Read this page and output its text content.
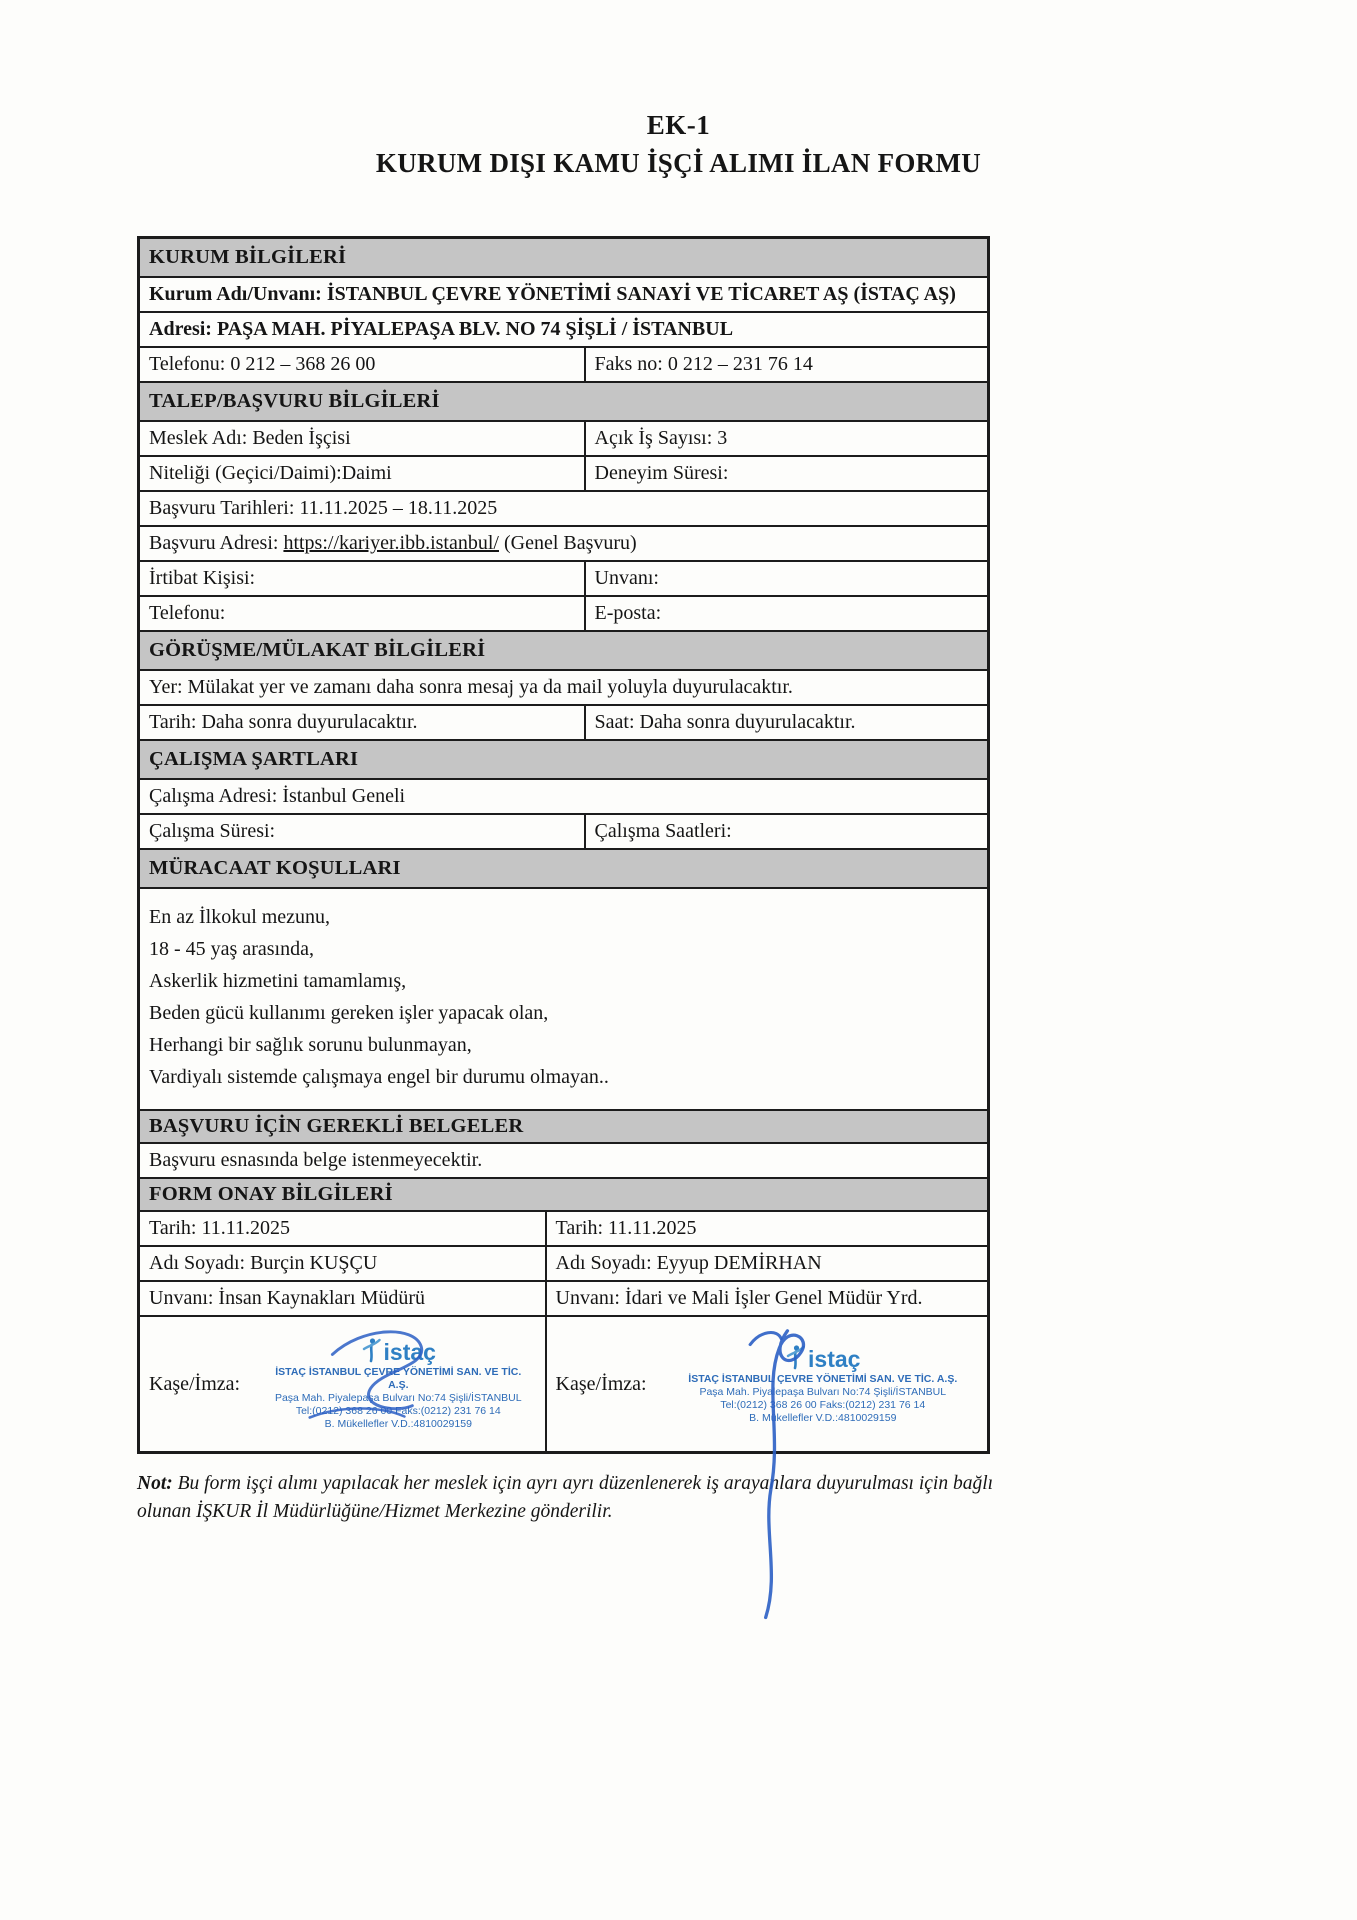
EK-1
KURUM DIŞI KAMU İŞÇİ ALIMI İLAN FORMU
KURUM BİLGİLERİ
Kurum Adı/Unvanı: İSTANBUL ÇEVRE YÖNETİMİ SANAYİ VE TİCARET AŞ (İSTAÇ AŞ)
Adresi: PAŞA MAH. PİYALEPAŞA BLV. NO 74 ŞİŞLİ / İSTANBUL
Telefonu: 0 212 – 368 26 00	Faks no: 0 212 – 231 76 14
TALEP/BAŞVURU BİLGİLERİ
Meslek Adı: Beden İşçisi	Açık İş Sayısı: 3
Niteliği (Geçici/Daimi):Daimi	Deneyim Süresi:
Başvuru Tarihleri: 11.11.2025 – 18.11.2025
Başvuru Adresi: https://kariyer.ibb.istanbul/ (Genel Başvuru)
İrtibat Kişisi:	Unvanı:
Telefonu:	E-posta:
GÖRÜŞME/MÜLAKAT BİLGİLERİ
Yer: Mülakat yer ve zamanı daha sonra mesaj ya da mail yoluyla duyurulacaktır.
Tarih: Daha sonra duyurulacaktır.	Saat: Daha sonra duyurulacaktır.
ÇALIŞMA ŞARTLARI
Çalışma Adresi: İstanbul Geneli
Çalışma Süresi:	Çalışma Saatleri:
MÜRACAAT KOŞULLARI
En az İlkokul mezunu,
18 - 45 yaş arasında,
Askerlik hizmetini tamamlamış,
Beden gücü kullanımı gereken işler yapacak olan,
Herhangi bir sağlık sorunu bulunmayan,
Vardiyalı sistemde çalışmaya engel bir durumu olmayan..
BAŞVURU İÇİN GEREKLİ BELGELER
Başvuru esnasında belge istenmeyecektir.
FORM ONAY BİLGİLERİ
Tarih: 11.11.2025	Tarih: 11.11.2025
Adı Soyadı: Burçin KUŞÇU	Adı Soyadı: Eyyup DEMİRHAN
Unvanı: İnsan Kaynakları Müdürü	Unvanı: İdari ve Mali İşler Genel Müdür Yrd.
Kaşe/İmza:
istaç
İSTAÇ İSTANBUL ÇEVRE YÖNETİMİ SAN. VE TİC. A.Ş.
Paşa Mah. Piyalepaşa Bulvarı No:74 Şişli/İSTANBUL
Tel:(0212) 368 26 00 Faks:(0212) 231 76 14
B. Mükellefler V.D.:4810029159
Kaşe/İmza:
istaç
İSTAÇ İSTANBUL ÇEVRE YÖNETİMİ SAN. VE TİC. A.Ş.
Paşa Mah. Piyalepaşa Bulvarı No:74 Şişli/İSTANBUL
Tel:(0212) 368 26 00 Faks:(0212) 231 76 14
B. Mükellefler V.D.:4810029159
Not: Bu form işçi alımı yapılacak her meslek için ayrı ayrı düzenlenerek iş arayanlara duyurulması için bağlı olunan İŞKUR İl Müdürlüğüne/Hizmet Merkezine gönderilir.
